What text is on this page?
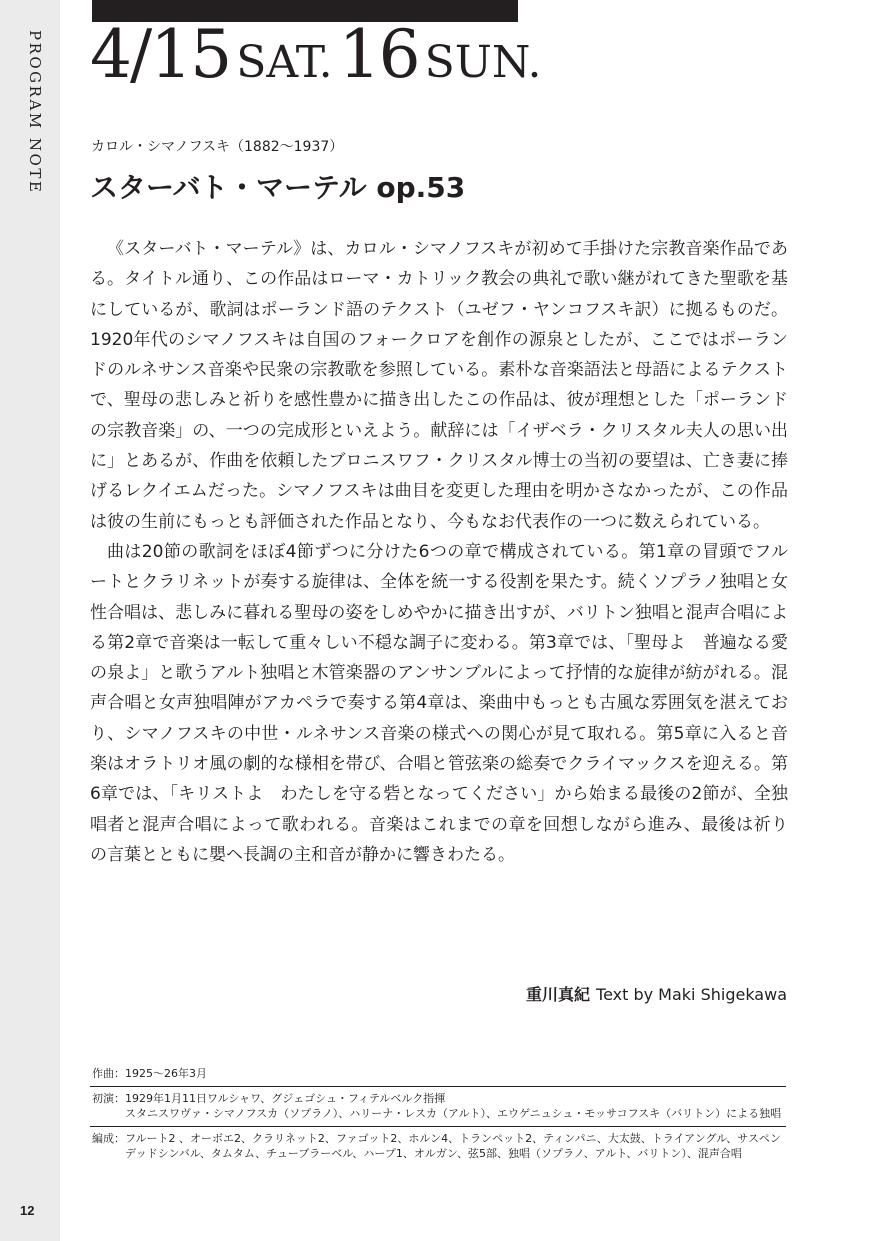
PROGRAM NOTE
12
4/15 SAT.16 SUN.
カロル・シマノフスキ（1882〜1937）
スターバト・マーテル op.53

《スターバト・マーテル》は、カロル・シマノフスキが初めて手掛けた宗教音楽作品である。タイトル通り、この作品はローマ・カトリック教会の典礼で歌い継がれてきた聖歌を基にしているが、歌詞はポーランド語のテクスト（ユゼフ・ヤンコフスキ訳）に拠るものだ。1920年代のシマノフスキは自国のフォークロアを創作の源泉としたが、ここではポーランドのルネサンス音楽や民衆の宗教歌を参照している。素朴な音楽語法と母語によるテクストで、聖母の悲しみと祈りを感性豊かに描き出したこの作品は、彼が理想とした「ポーランドの宗教音楽」の、一つの完成形といえよう。献辞には「イザベラ・クリスタル夫人の思い出に」とあるが、作曲を依頼したブロニスワフ・クリスタル博士の当初の要望は、亡き妻に捧げるレクイエムだった。シマノフスキは曲目を変更した理由を明かさなかったが、この作品は彼の生前にもっとも評価された作品となり、今もなお代表作の一つに数えられている。

曲は20節の歌詞をほぼ4節ずつに分けた6つの章で構成されている。第1章の冒頭でフルートとクラリネットが奏する旋律は、全体を統一する役割を果たす。続くソプラノ独唱と女性合唱は、悲しみに暮れる聖母の姿をしめやかに描き出すが、バリトン独唱と混声合唱による第2章で音楽は一転して重々しい不穏な調子に変わる。第3章では、「聖母よ　普遍なる愛の泉よ」と歌うアルト独唱と木管楽器のアンサンブルによって抒情的な旋律が紡がれる。混声合唱と女声独唱陣がアカペラで奏する第4章は、楽曲中もっとも古風な雰囲気を湛えており、シマノフスキの中世・ルネサンス音楽の様式への関心が見て取れる。第5章に入ると音楽はオラトリオ風の劇的な様相を帯び、合唱と管弦楽の総奏でクライマックスを迎える。第6章では、「キリストよ　わたしを守る砦となってください」から始まる最後の2節が、全独唱者と混声合唱によって歌われる。音楽はこれまでの章を回想しながら進み、最後は祈りの言葉とともに嬰ヘ長調の主和音が静かに響きわたる。

重川真紀 Text by Maki Shigekawa
作曲： 1925〜26年3月
初演： 1929年1月11日ワルシャワ、グジェゴシュ・フィテルベルク指揮
スタニスワヴァ・シマノフスカ（ソプラノ）、ハリーナ・レスカ（アルト）、エウゲニュシュ・モッサコフスキ（バリトン）による独唱
編成： フルート2 、オーボエ2、クラリネット2、ファゴット2、ホルン4、トランペット2、ティンパニ、大太鼓、トライアングル、サスペンデッドシンバル、タムタム、チューブラーベル、ハープ1、オルガン、弦5部、独唱（ソプラノ、アルト、バリトン）、混声合唱
